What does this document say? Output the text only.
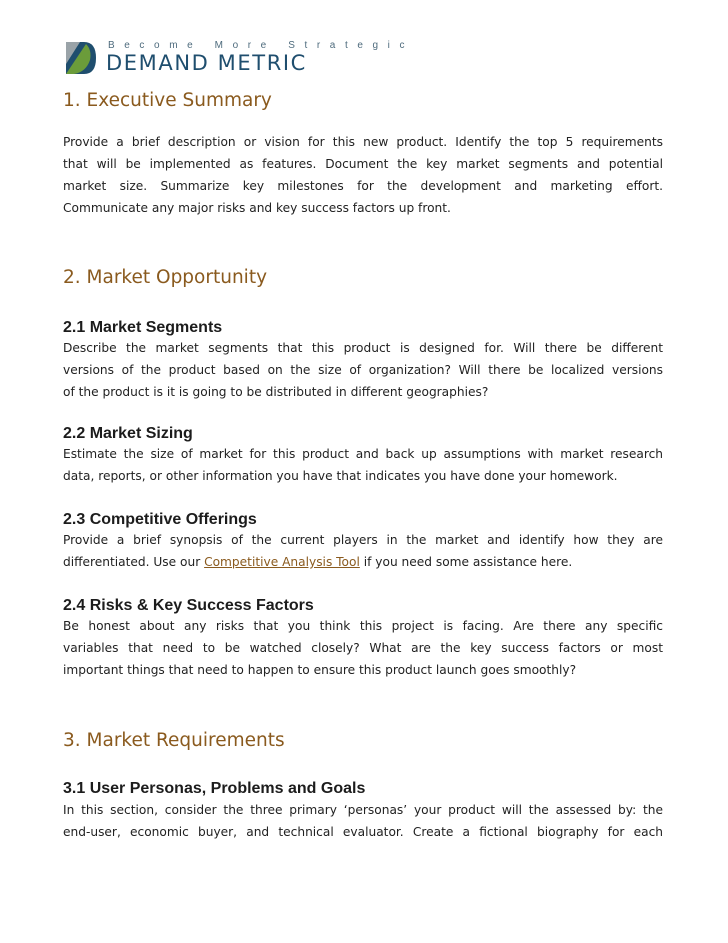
Become More Strategic
DEMAND METRIC
1. Executive Summary

Provide a brief description or vision for this new product. Identify the top 5 requirements
that will be implemented as features. Document the key market segments and potential
market size. Summarize key milestones for the development and marketing effort.
Communicate any major risks and key success factors up front.

2. Market Opportunity
2.1 Market Segments

Describe the market segments that this product is designed for. Will there be different
versions of the product based on the size of organization? Will there be localized versions
of the product is it is going to be distributed in different geographies?

2.2 Market Sizing

Estimate the size of market for this product and back up assumptions with market research
data, reports, or other information you have that indicates you have done your homework.

2.3 Competitive Offerings

Provide a brief synopsis of the current players in the market and identify how they are
differentiated. Use our Competitive Analysis Tool if you need some assistance here.

2.4 Risks & Key Success Factors

Be honest about any risks that you think this project is facing. Are there any specific
variables that need to be watched closely? What are the key success factors or most
important things that need to happen to ensure this product launch goes smoothly?

3. Market Requirements
3.1 User Personas, Problems and Goals

In this section, consider the three primary ‘personas’ your product will the assessed by: the
end-user, economic buyer, and technical evaluator. Create a fictional biography for each
